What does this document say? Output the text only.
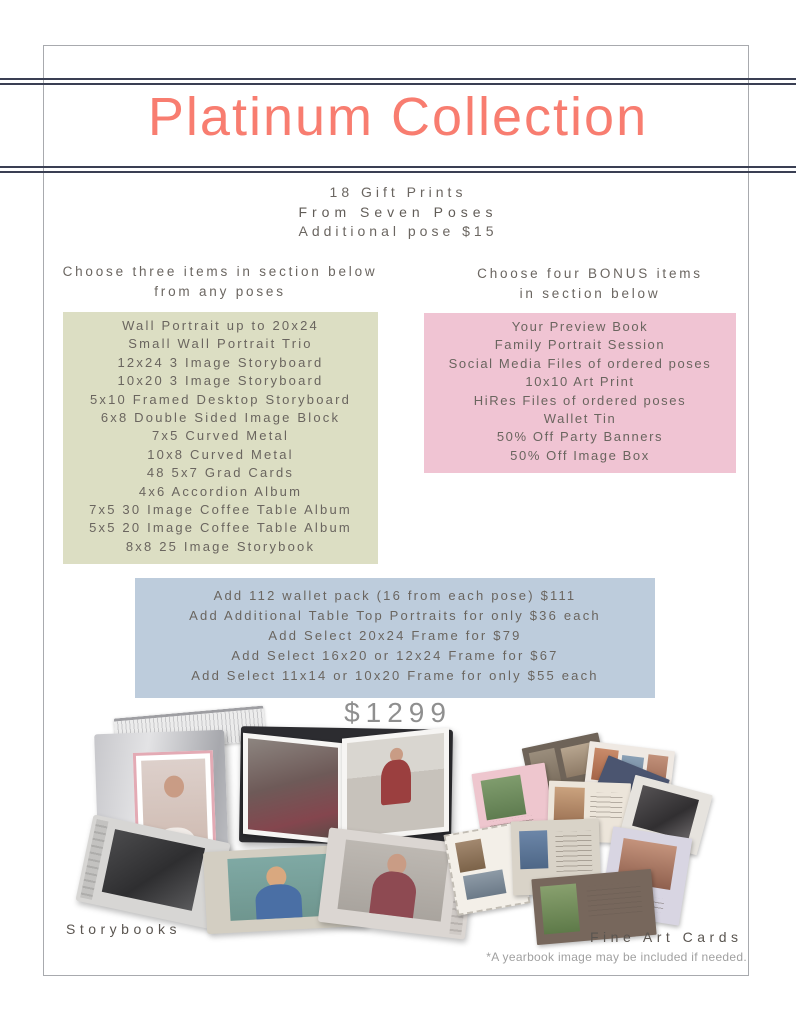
Platinum Collection
18 Gift Prints
From Seven Poses
Additional pose $15
Choose three items in section below
from any poses
Choose four BONUS items
in section below
Wall Portrait up to 20x24
Small Wall Portrait Trio
12x24 3 Image Storyboard
10x20 3 Image Storyboard
5x10 Framed Desktop Storyboard
6x8 Double Sided Image Block
7x5 Curved Metal
10x8 Curved Metal
48 5x7 Grad Cards
4x6 Accordion Album
7x5 30 Image Coffee Table Album
5x5 20 Image Coffee Table Album
8x8 25 Image Storybook
Your Preview Book
Family Portrait Session
Social Media Files of ordered poses
10x10 Art Print
HiRes Files of ordered poses
Wallet Tin
50% Off Party Banners
50% Off Image Box
Add 112 wallet pack (16 from each pose) $111
Add Additional Table Top Portraits for only $36 each
Add Select 20x24 Frame for $79
Add Select 16x20 or 12x24 Frame for $67
Add Select 11x14 or 10x20 Frame for only $55 each
$1299
Storybooks	Fine Art Cards
*A yearbook image may be included if needed.
